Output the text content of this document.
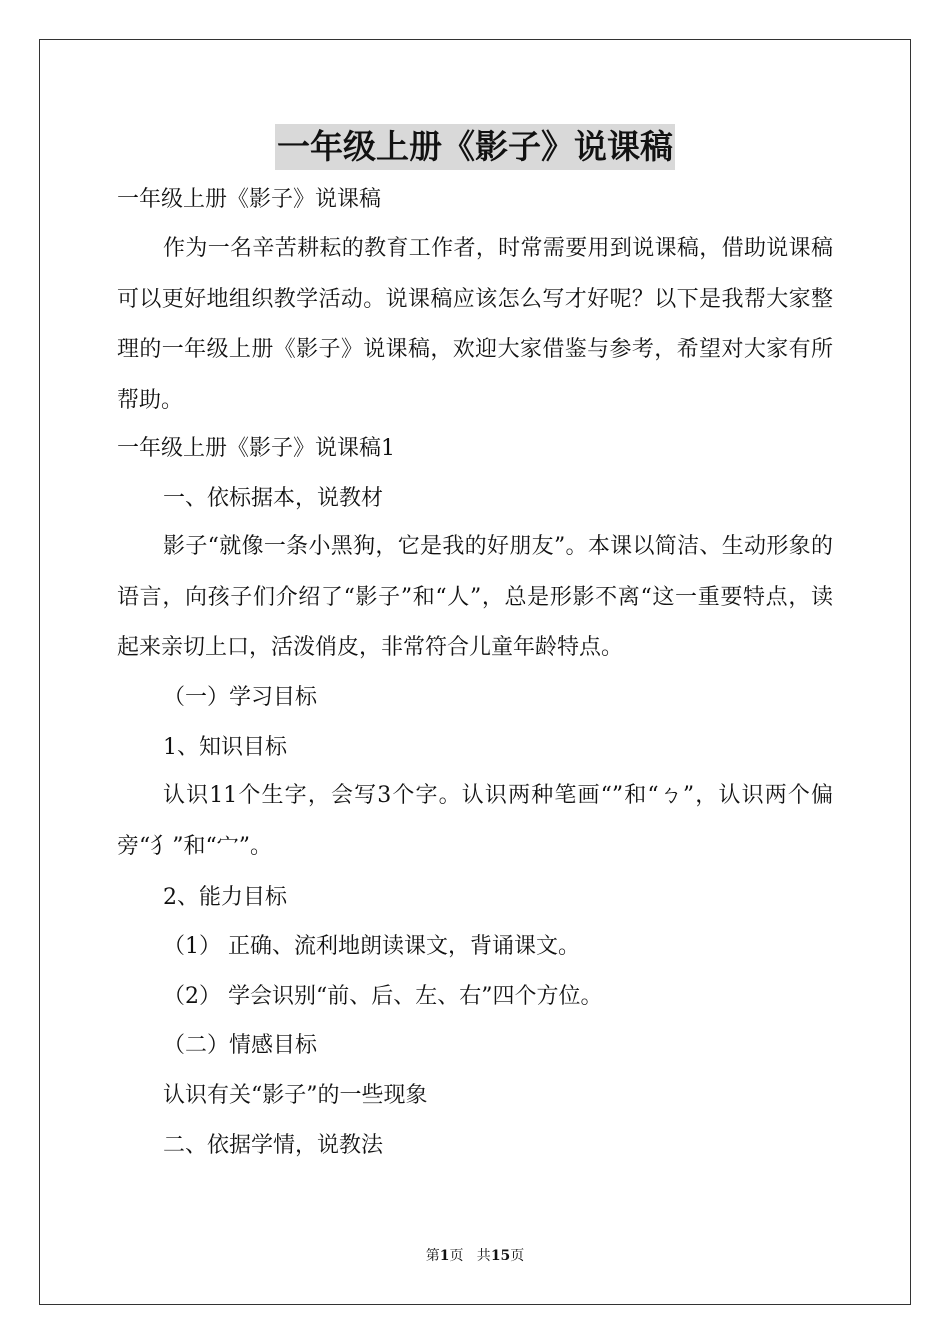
一年级上册《影子》说课稿
一年级上册《影子》说课稿
作为一名辛苦耕耘的教育工作者，时常需要用到说课稿，借助说课稿可以更好地组织教学活动。说课稿应该怎么写才好呢？以下是我帮大家整理的一年级上册《影子》说课稿，欢迎大家借鉴与参考，希望对大家有所帮助。
一年级上册《影子》说课稿1
一、依标据本，说教材
影子“就像一条小黑狗，它是我的好朋友”。本课以简洁、生动形象的语言，向孩子们介绍了“影子”和“人”，总是形影不离“这一重要特点，读起来亲切上口，活泼俏皮，非常符合儿童年龄特点。
（一）学习目标
1、知识目标
认识11个生字，会写3个字。认识两种笔画“”和“ㄅ”，认识两个偏旁“犭”和“宀”。
2、能力目标
（1） 正确、流利地朗读课文，背诵课文。
（2） 学会识别“前、后、左、右”四个方位。
（二）情感目标
认识有关“影子”的一些现象
二、依据学情，说教法
第1页   共15页
